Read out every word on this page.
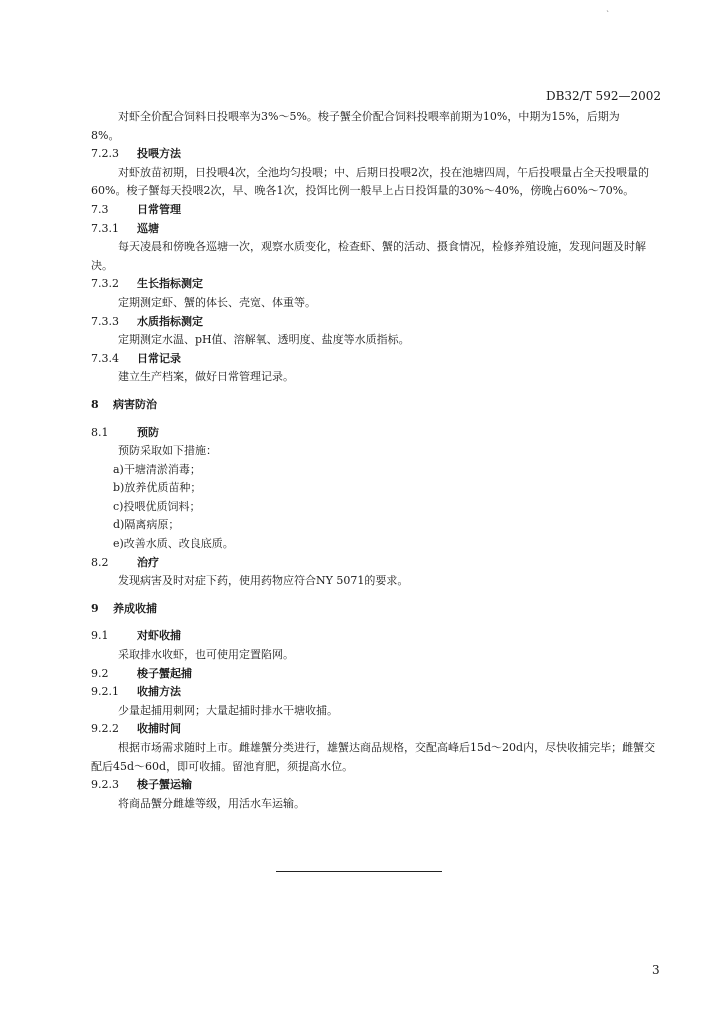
`
DB32/T 592—2002
对虾全价配合饲料日投喂率为3%～5%。梭子蟹全价配合饲料投喂率前期为10%，中期为15%，后期为
8%。
7.2.3 投喂方法
对虾放苗初期，日投喂4次，全池均匀投喂；中、后期日投喂2次，投在池塘四周，午后投喂量占全天投喂量的60%。梭子蟹每天投喂2次，早、晚各1次，投饵比例一般早上占日投饵量的30%～40%，傍晚占60%～70%。
7.3	日常管理
7.3.1 巡塘
每天凌晨和傍晚各巡塘一次，观察水质变化，检查虾、蟹的活动、摄食情况，检修养殖设施，发现问题及时解决。
7.3.2 生长指标测定
定期测定虾、蟹的体长、壳宽、体重等。
7.3.3 水质指标测定
定期测定水温、pH值、溶解氧、透明度、盐度等水质指标。
7.3.4 日常记录
建立生产档案，做好日常管理记录。
8 病害防治
8.1	预防
预防采取如下措施：
a)干塘清淤消毒；
b)放养优质苗种；
c)投喂优质饲料；
d)隔离病原；
e)改善水质、改良底质。
8.2	治疗
发现病害及时对症下药，使用药物应符合NY 5071的要求。
9 养成收捕
9.1	对虾收捕
采取排水收虾，也可使用定置陷网。
9.2	梭子蟹起捕
9.2.1 收捕方法
少量起捕用刺网；大量起捕时排水干塘收捕。
9.2.2 收捕时间
根据市场需求随时上市。雌雄蟹分类进行，雄蟹达商品规格，交配高峰后15d～20d内，尽快收捕完毕；雌蟹交配后45d～60d，即可收捕。留池育肥，须提高水位。
9.2.3 梭子蟹运输
将商品蟹分雌雄等级，用活水车运输。
3
